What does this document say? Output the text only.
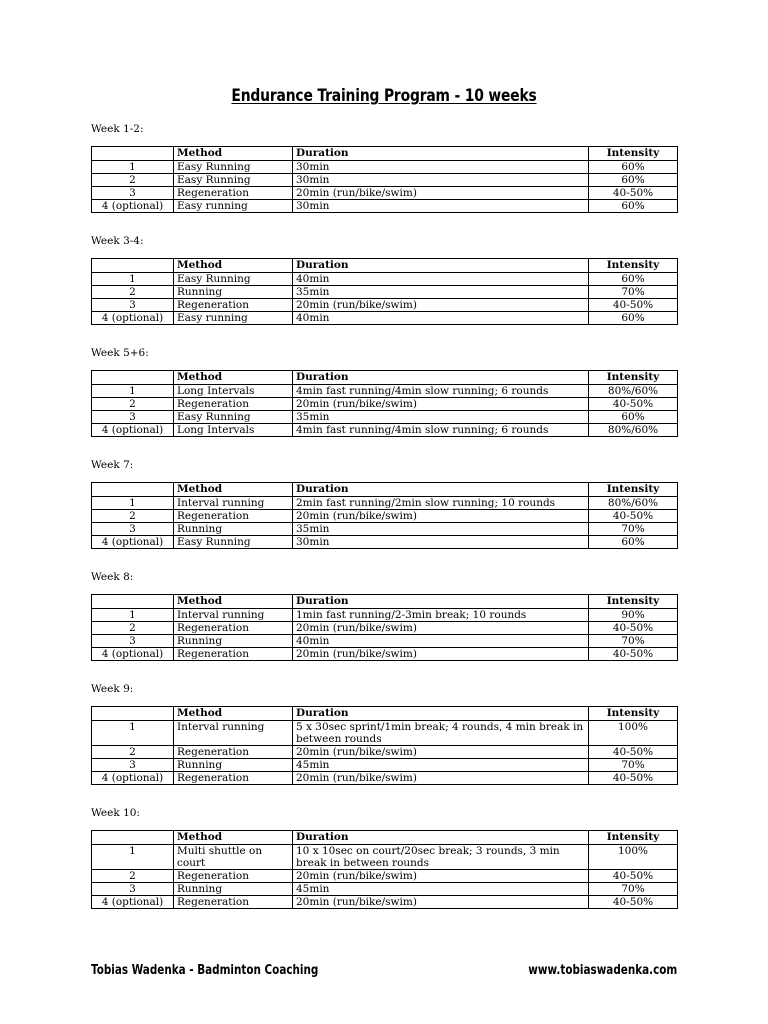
Endurance Training Program - 10 weeks
Week 1-2:
	Method	Duration	Intensity
1	Easy Running	30min	60%
2	Easy Running	30min	60%
3	Regeneration	20min (run/bike/swim)	40-50%
4 (optional)	Easy running	30min	60%
Week 3-4:
	Method	Duration	Intensity
1	Easy Running	40min	60%
2	Running	35min	70%
3	Regeneration	20min (run/bike/swim)	40-50%
4 (optional)	Easy running	40min	60%
Week 5+6:
	Method	Duration	Intensity
1	Long Intervals	4min fast running/4min slow running; 6 rounds	80%/60%
2	Regeneration	20min (run/bike/swim)	40-50%
3	Easy Running	35min	60%
4 (optional)	Long Intervals	4min fast running/4min slow running; 6 rounds	80%/60%
Week 7:
	Method	Duration	Intensity
1	Interval running	2min fast running/2min slow running; 10 rounds	80%/60%
2	Regeneration	20min (run/bike/swim)	40-50%
3	Running	35min	70%
4 (optional)	Easy Running	30min	60%
Week 8:
	Method	Duration	Intensity
1	Interval running	1min fast running/2-3min break; 10 rounds	90%
2	Regeneration	20min (run/bike/swim)	40-50%
3	Running	40min	70%
4 (optional)	Regeneration	20min (run/bike/swim)	40-50%
Week 9:
	Method	Duration	Intensity
1	Interval running	5 x 30sec sprint/1min break; 4 rounds, 4 min break in between rounds	100%
2	Regeneration	20min (run/bike/swim)	40-50%
3	Running	45min	70%
4 (optional)	Regeneration	20min (run/bike/swim)	40-50%
Week 10:
	Method	Duration	Intensity
1	Multi shuttle on court	10 x 10sec on court/20sec break; 3 rounds, 3 min break in between rounds	100%
2	Regeneration	20min (run/bike/swim)	40-50%
3	Running	45min	70%
4 (optional)	Regeneration	20min (run/bike/swim)	40-50%
Tobias Wadenka - Badminton Coaching	www.tobiaswadenka.com
